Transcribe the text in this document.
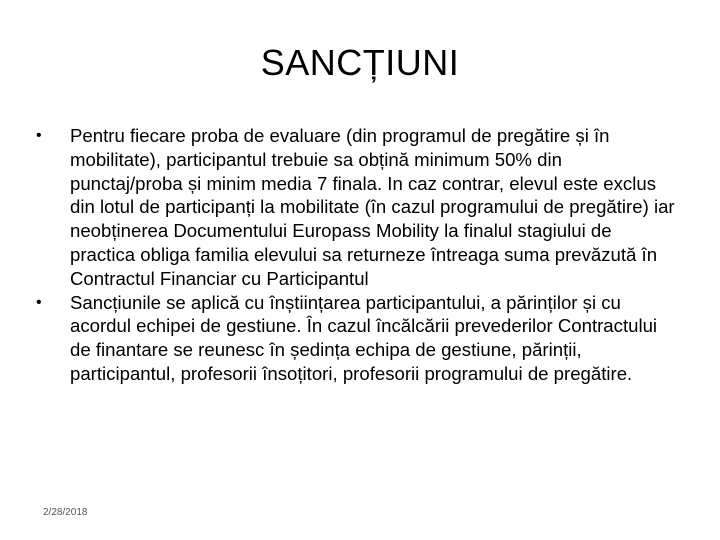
SANCȚIUNI
•	Pentru fiecare proba de evaluare (din programul de pregătire și în mobilitate), participantul trebuie sa obțină minimum 50% din punctaj/proba și minim media 7 finala. In caz contrar, elevul este exclus din lotul de participanți la mobilitate (în cazul programului de pregătire) iar neobținerea Documentului Europass Mobility la finalul stagiului de practica obliga familia elevului sa returneze întreaga suma prevăzută în Contractul Financiar cu Participantul
•	Sancțiunile se aplică cu înștiințarea participantului, a părinților și cu acordul echipei de gestiune. În cazul încălcării prevederilor Contractului de finantare se reunesc în ședința echipa de gestiune, părinții, participantul, profesorii însoțitori, profesorii programului de pregătire.
2/28/2018
